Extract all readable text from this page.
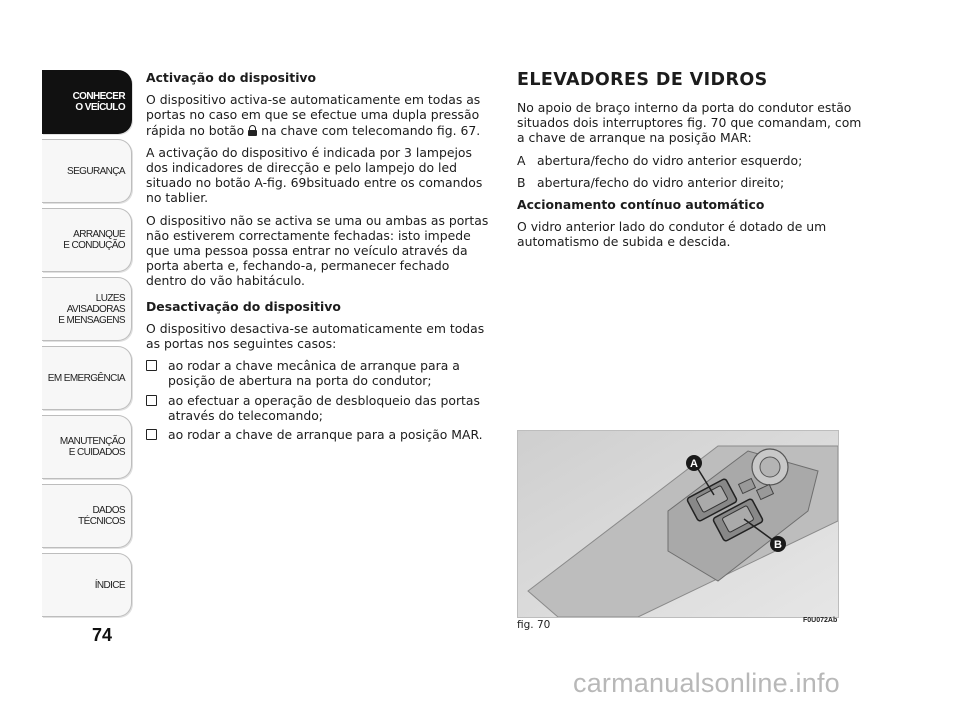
CONHECER
O VEÍCULO
SEGURANÇA
ARRANQUE
E CONDUÇÃO
LUZES
AVISADORAS
E MENSAGENS
EM EMERGÊNCIA
MANUTENÇÃO
E CUIDADOS
DADOS
TÉCNICOS
ÍNDICE
74

Activação do dispositivo

O dispositivo activa-se automaticamente em todas as portas no caso em que se efectue uma dupla pressão rápida no botão na chave com telecomando fig. 67.

A activação do dispositivo é indicada por 3 lampejos dos indicadores de direcção e pelo lampejo do led situado no botão A-fig. 69bsituado entre os comandos no tablier.

O dispositivo não se activa se uma ou ambas as portas não estiverem correctamente fechadas: isto impede que uma pessoa possa entrar no veículo através da porta aberta e, fechando-a, permanecer fechado dentro do vão habitáculo.

Desactivação do dispositivo

O dispositivo desactiva-se automaticamente em todas as portas nos seguintes casos:

ao rodar a chave mecânica de arranque para a posição de abertura na porta do condutor;
ao efectuar a operação de desbloqueio das portas através do telecomando;
ao rodar a chave de arranque para a posição MAR.
ELEVADORES DE VIDROS

No apoio de braço interno da porta do condutor estão situados dois interruptores fig. 70 que comandam, com a chave de arranque na posição MAR:

A abertura/fecho do vidro anterior esquerdo;
B abertura/fecho do vidro anterior direito;

Accionamento contínuo automático

O vidro anterior lado do condutor é dotado de um automatismo de subida e descida.

A
B
fig. 70	F0U072Ab
carmanualsonline.info
